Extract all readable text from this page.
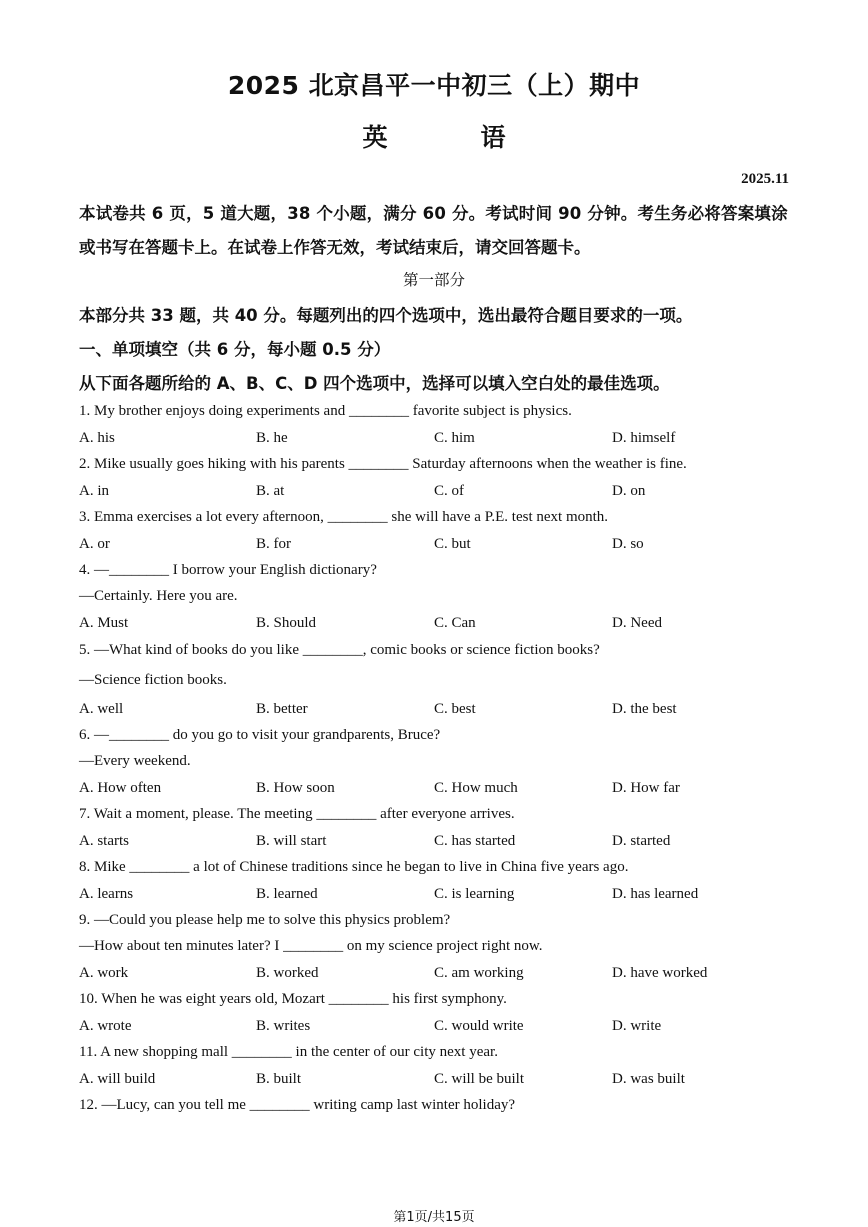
2025 北京昌平一中初三（上）期中
英　语
2025.11
本试卷共 6 页，5 道大题，38 个小题，满分 60 分。考试时间 90 分钟。考生务必将答案填涂
或书写在答题卡上。在试卷上作答无效，考试结束后，请交回答题卡。
第一部分
本部分共 33 题，共 40 分。每题列出的四个选项中，选出最符合题目要求的一项。
一、单项填空（共 6 分，每小题 0.5 分）
从下面各题所给的 A、B、C、D 四个选项中，选择可以填入空白处的最佳选项。
1. My brother enjoys doing experiments and ________ favorite subject is physics.
A. his	B. he	C. him	D. himself
2. Mike usually goes hiking with his parents ________ Saturday afternoons when the weather is fine.
A. in	B. at	C. of	D. on
3. Emma exercises a lot every afternoon, ________ she will have a P.E. test next month.
A. or	B. for	C. but	D. so
4. —________ I borrow your English dictionary?
—Certainly. Here you are.
A. Must	B. Should	C. Can	D. Need
5. —What kind of books do you like ________, comic books or science fiction books?
—Science fiction books.
A. well	B. better	C. best	D. the best
6. —________ do you go to visit your grandparents, Bruce?
—Every weekend.
A. How often	B. How soon	C. How much	D. How far
7. Wait a moment, please. The meeting ________ after everyone arrives.
A. starts	B. will start	C. has started	D. started
8. Mike ________ a lot of Chinese traditions since he began to live in China five years ago.
A. learns	B. learned	C. is learning	D. has learned
9. —Could you please help me to solve this physics problem?
—How about ten minutes later? I ________ on my science project right now.
A. work	B. worked	C. am working	D. have worked
10. When he was eight years old, Mozart ________ his first symphony.
A. wrote	B. writes	C. would write	D. write
11. A new shopping mall ________ in the center of our city next year.
A. will build	B. built	C. will be built	D. was built
12. —Lucy, can you tell me ________ writing camp last winter holiday?
第1页/共15页
